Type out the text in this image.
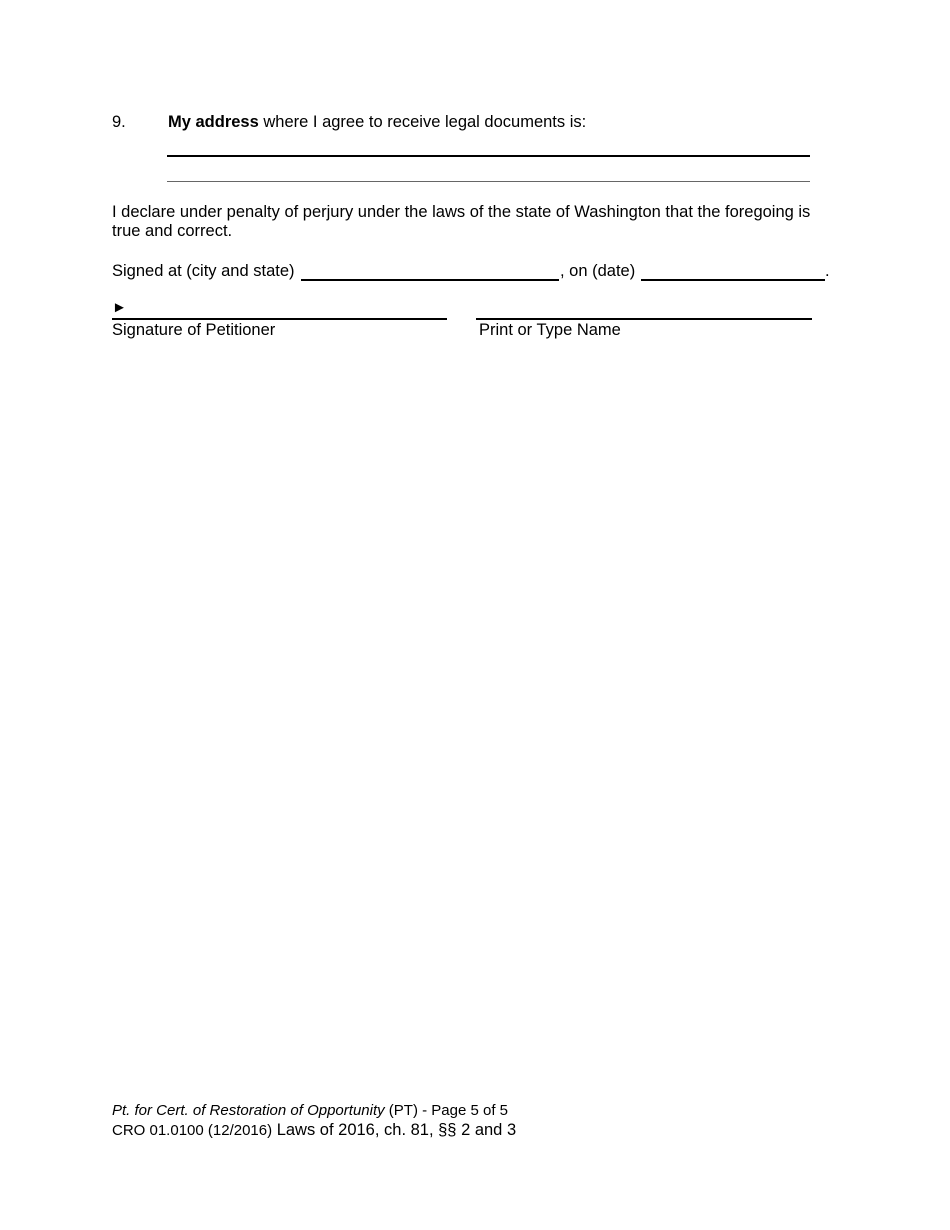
9.	My address where I agree to receive legal documents is:
I declare under penalty of perjury under the laws of the state of Washington that the foregoing is
true and correct.
Signed at (city and state)	, on (date)	.
►
Signature of Petitioner	Print or Type Name
Pt. for Cert. of Restoration of Opportunity (PT) - Page 5 of 5
CRO 01.0100 (12/2016) Laws of 2016, ch. 81, §§ 2 and 3
